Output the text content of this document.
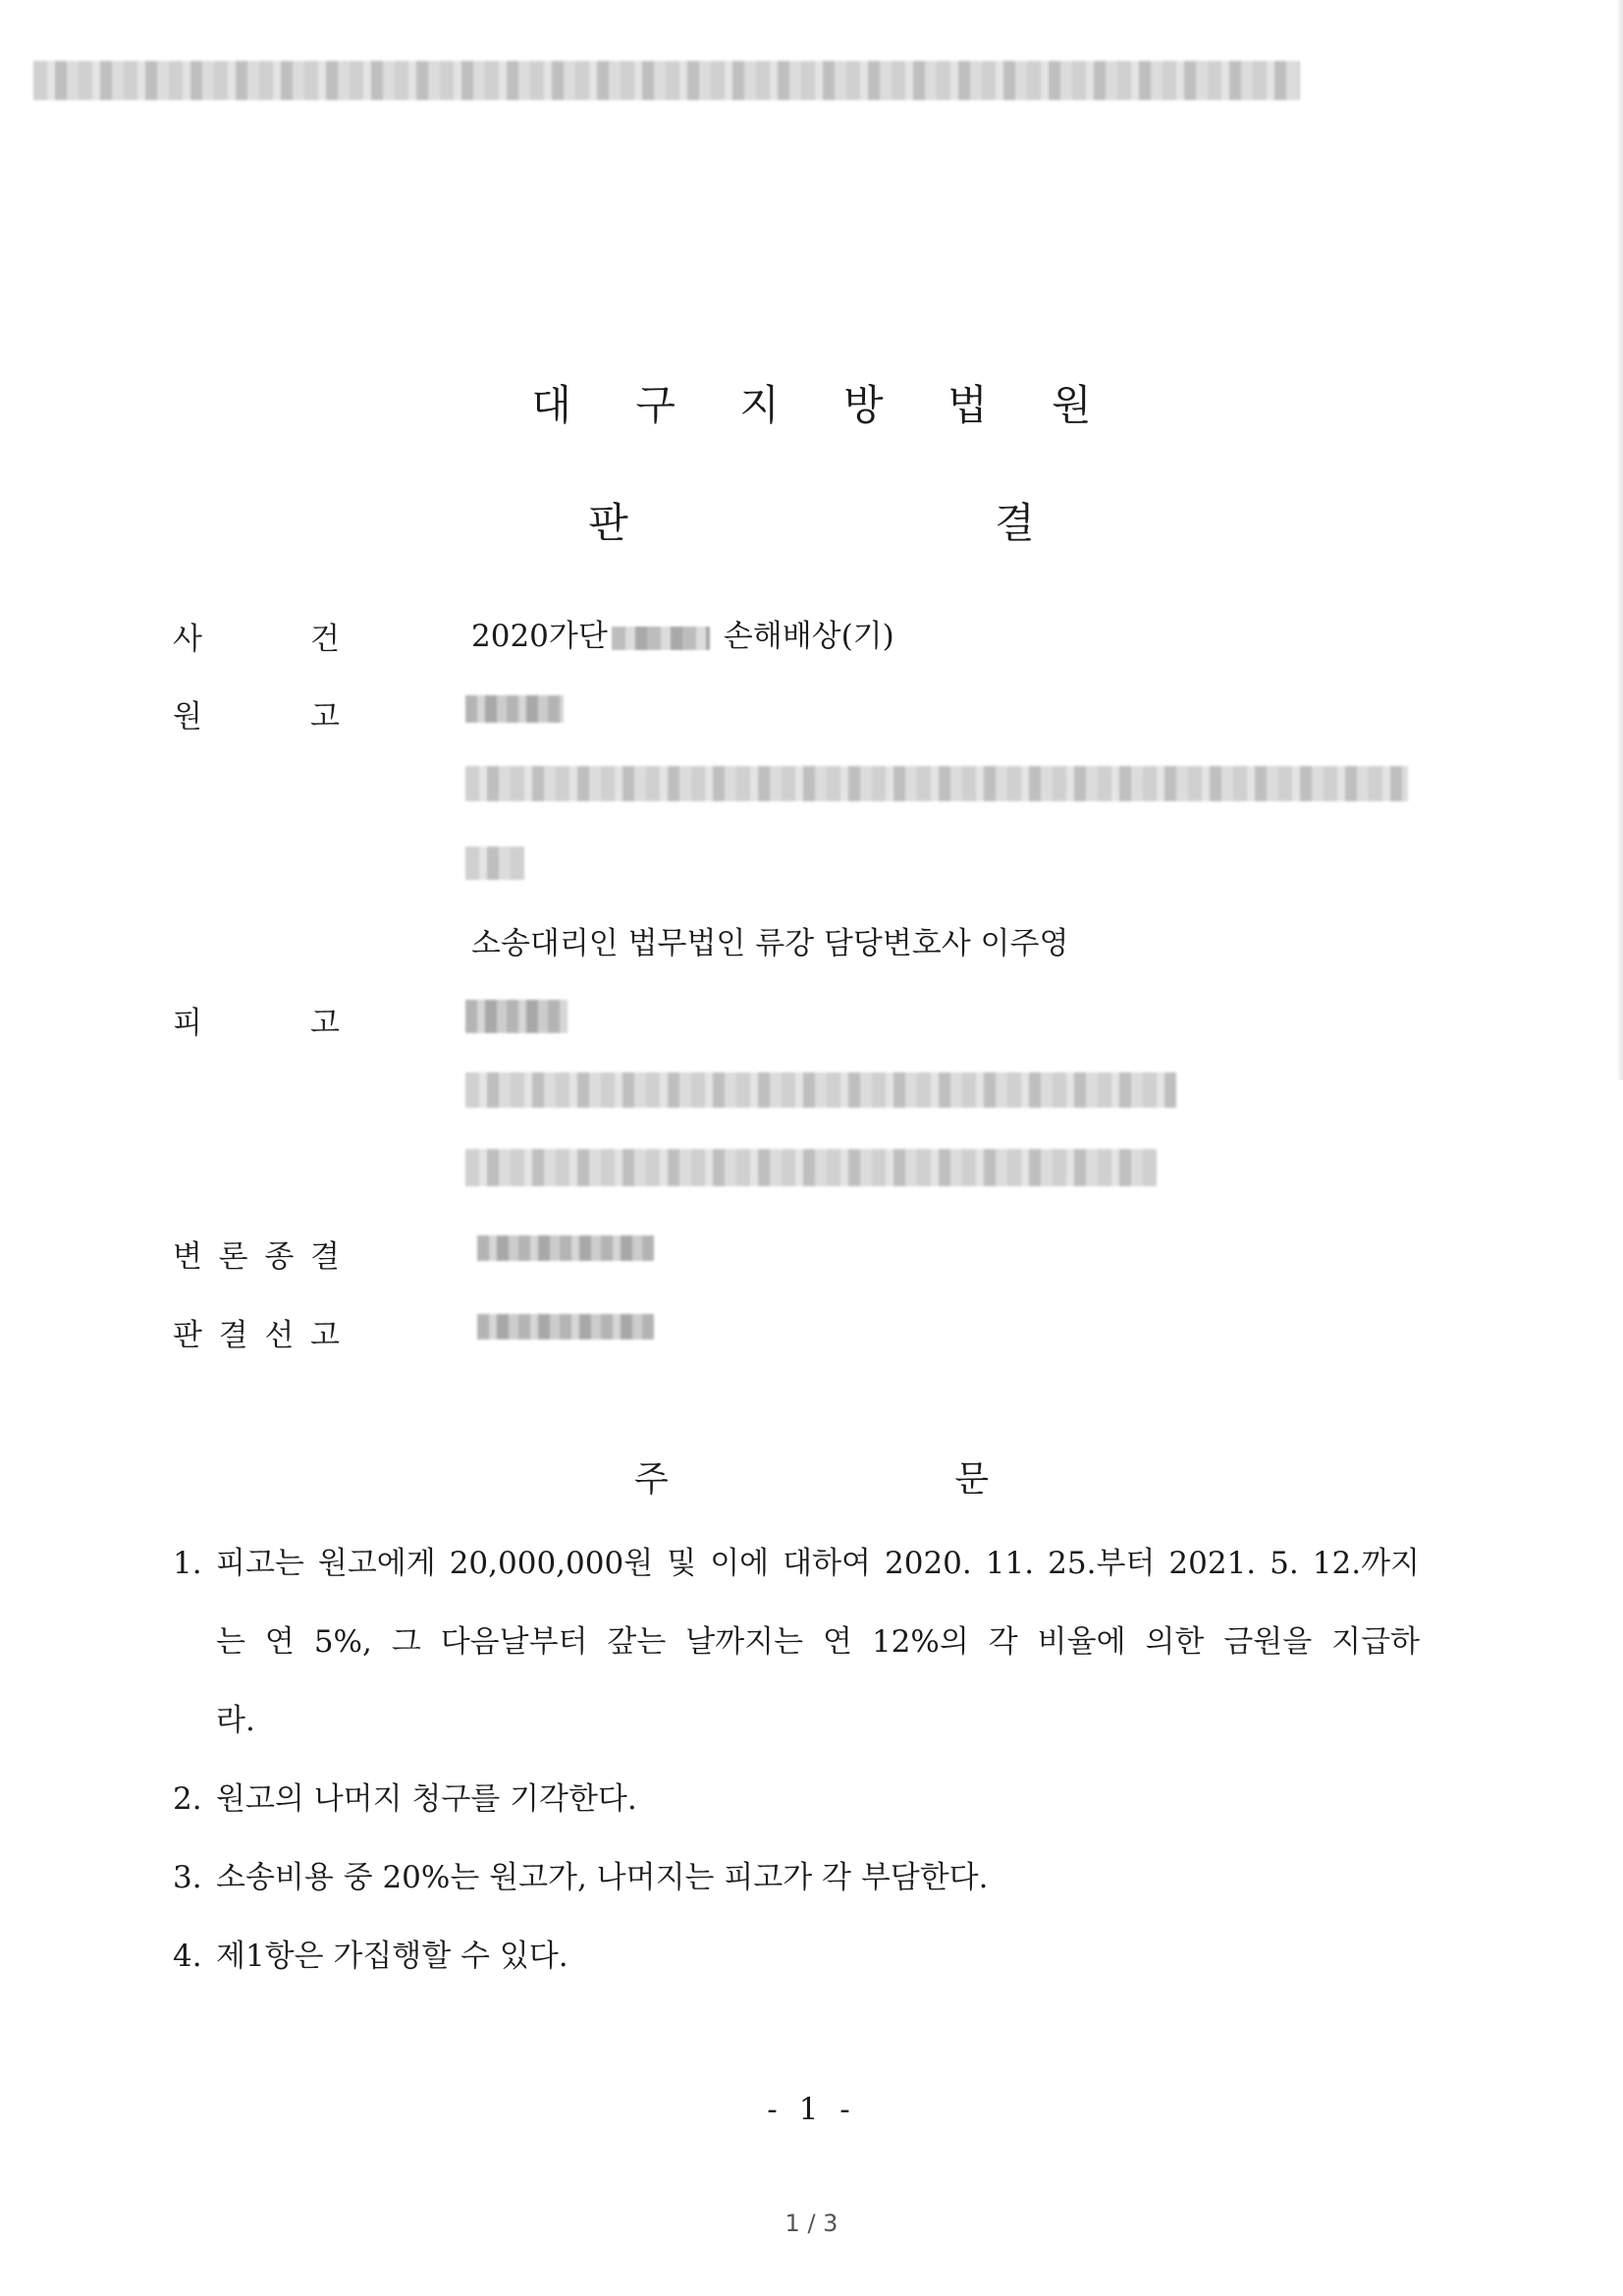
대 구 지 방 법 원
판 결
사	건	2020가단	손해배상(기)
원	고
소송대리인 법무법인 류강 담당변호사 이주영
피	고
변 론 종 결
판 결 선 고
주 문
1. 피고는 원고에게 20,000,000원 및 이에 대하여 2020. 11. 25.부터 2021. 5. 12.까지
는 연 5%, 그 다음날부터 갚는 날까지는 연 12%의 각 비율에 의한 금원을 지급하
라.
2. 원고의 나머지 청구를 기각한다.
3. 소송비용 중 20%는 원고가, 나머지는 피고가 각 부담한다.
4. 제1항은 가집행할 수 있다.
- 1 -
1 / 3
